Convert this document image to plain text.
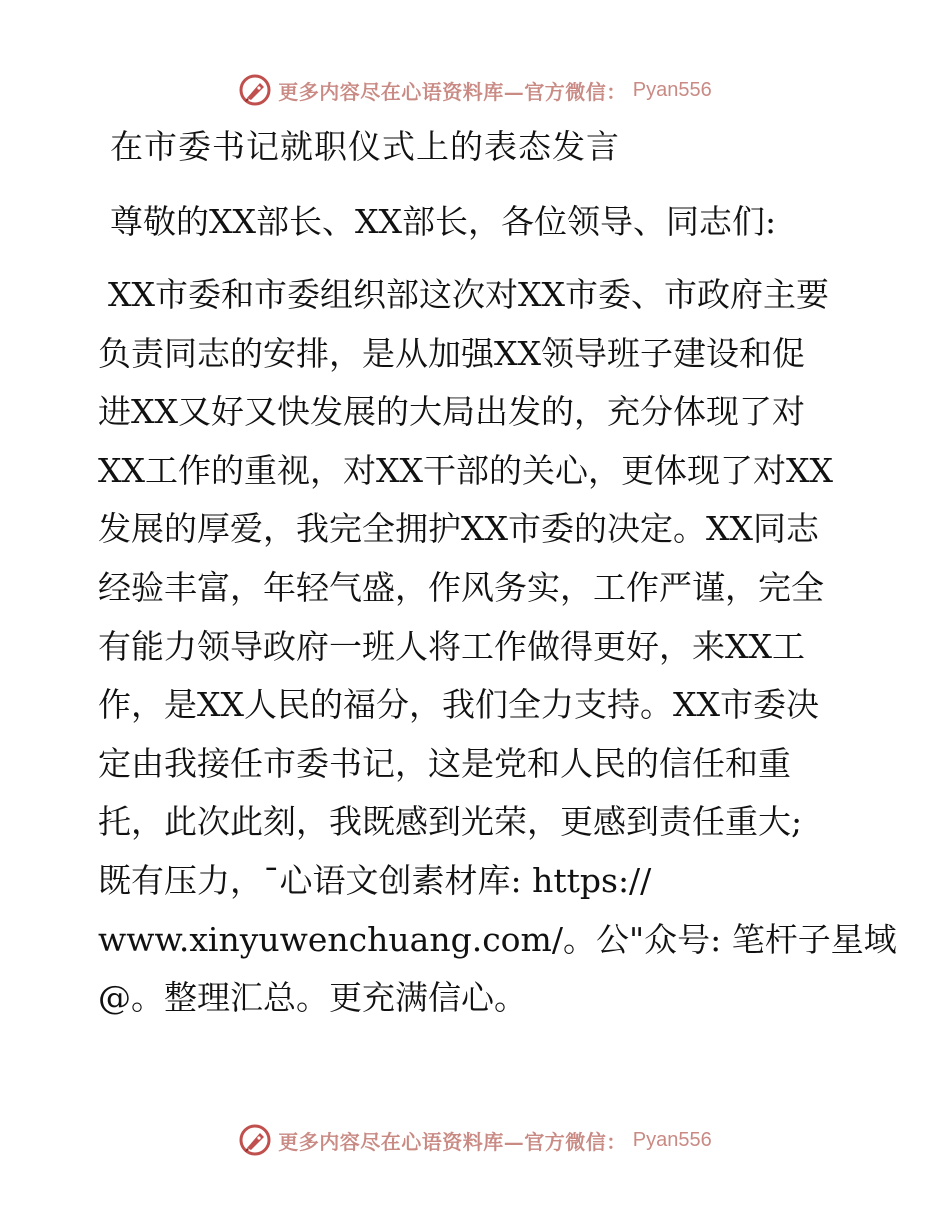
更多内容尽在心语资料库—官方微信： Pyan556
在市委书记就职仪式上的表态发言
尊敬的XX部长、XX部长，各位领导、同志们:
XX市委和市委组织部这次对XX市委、市政府主要
负责同志的安排，是从加强XX领导班子建设和促
进XX又好又快发展的大局出发的，充分体现了对
XX工作的重视，对XX干部的关心，更体现了对XX
发展的厚爱，我完全拥护XX市委的决定。XX同志
经验丰富，年轻气盛，作风务实，工作严谨，完全
有能力领导政府一班人将工作做得更好，来XX工
作，是XX人民的福分，我们全力支持。XX市委决
定由我接任市委书记，这是党和人民的信任和重
托，此次此刻，我既感到光荣，更感到责任重大;
既有压力，¯心语文创素材库: https://
www.xinyuwenchuang.com/。公"众号: 笔杆子星域
@。整理汇总。更充满信心。
更多内容尽在心语资料库—官方微信： Pyan556
